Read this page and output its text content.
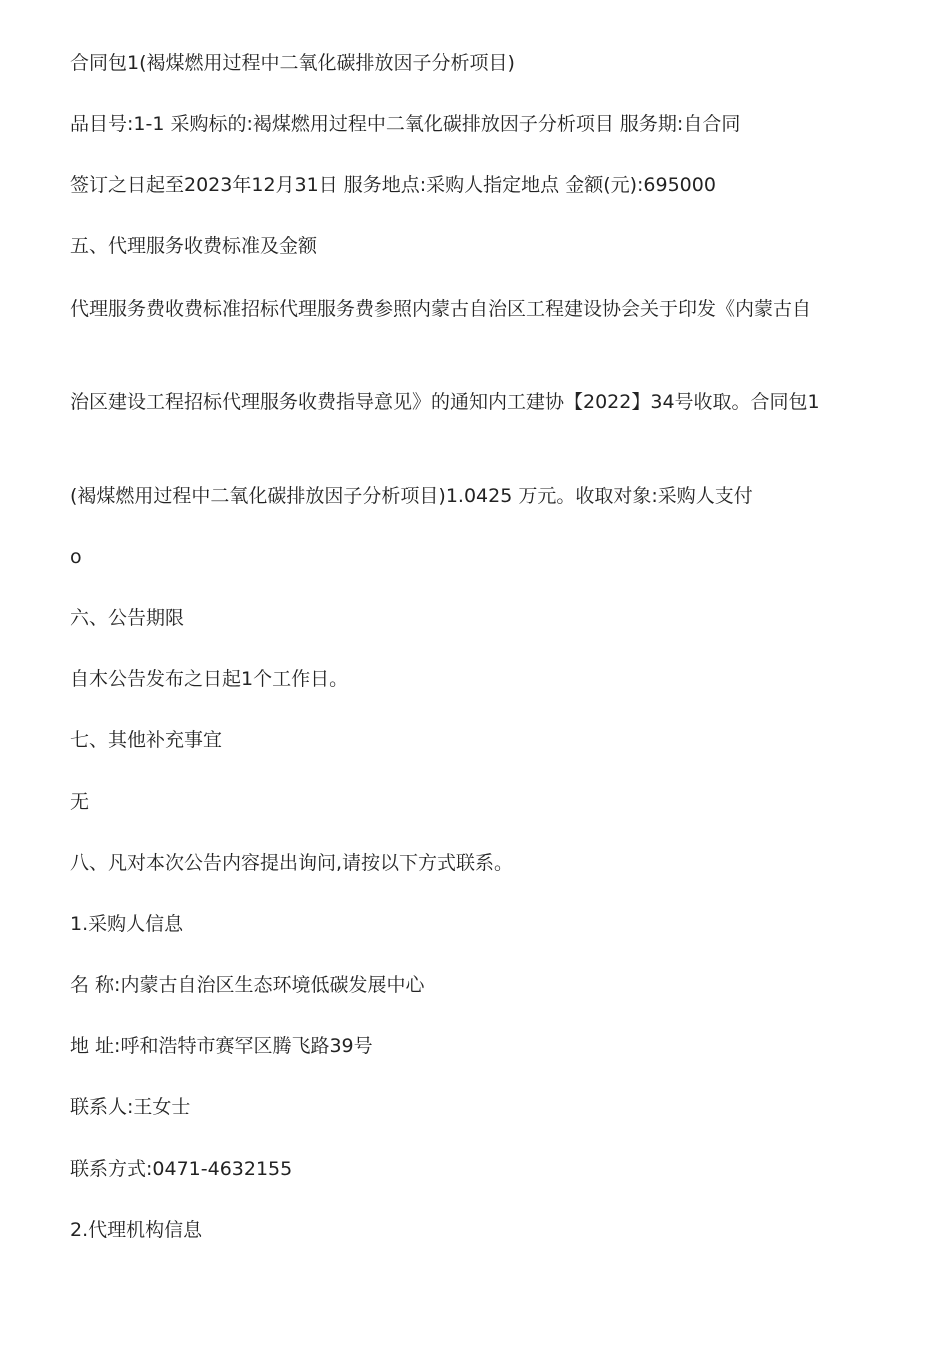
合同包1(褐煤燃用过程中二氧化碳排放因子分析项目)
品目号:1-1 采购标的:褐煤燃用过程中二氧化碳排放因子分析项目 服务期:自合同
签订之日起至2023年12月31日 服务地点:采购人指定地点 金额(元):695000
五、代理服务收费标准及金额
代理服务费收费标准招标代理服务费参照内蒙古自治区工程建设协会关于印发《内蒙古自
治区建设工程招标代理服务收费指导意见》的通知内工建协【2022】34号收取。合同包1
(褐煤燃用过程中二氧化碳排放因子分析项目)1.0425 万元。收取对象:采购人支付
o
六、公告期限
自木公告发布之日起1个工作日。
七、其他补充事宜
无
八、凡对本次公告内容提出询问,请按以下方式联系。
1.采购人信息
名 称:内蒙古自治区生态环境低碳发展中心
地 址:呼和浩特市赛罕区腾飞路39号
联系人:王女士
联系方式:0471-4632155
2.代理机构信息
